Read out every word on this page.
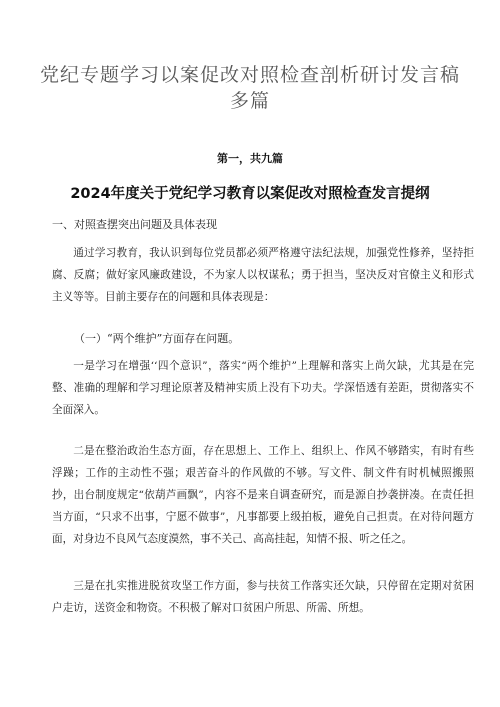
党纪专题学习以案促改对照检查剖析研讨发言稿多篇
第一，共九篇
2024年度关于党纪学习教育以案促改对照检查发言提纲
一、对照查摆突出问题及具体表现

通过学习教育，我认识到每位党员都必须严格遵守法纪法规，加强党性修养，坚持拒腐、反腐；做好家风廉政建设，不为家人以权谋私；勇于担当，坚决反对官僚主义和形式主义等等。目前主要存在的问题和具体表现是：

（一）“两个维护”方面存在问题。

一是学习在增强‘‘四个意识”，落实“两个维护”上理解和落实上尚欠缺，尤其是在完整、准确的理解和学习理论原著及精神实质上没有下功夫。学深悟透有差距，贯彻落实不全面深入。

二是在整治政治生态方面，存在思想上、工作上、组织上、作风不够踏实，有时有些浮躁；工作的主动性不强；艰苦奋斗的作风做的不够。写文件、制文件有时机械照搬照抄，出台制度规定“依葫芦画飘”，内容不是来自调查研究，而是源自抄袭拼凑。在责任担当方面，“只求不出事，宁愿不做事”，凡事都要上级拍板，避免自己担责。在对待问题方面，对身边不良风气态度漠然，事不关己、高高挂起，知情不报、听之任之。

三是在扎实推进脱贫攻坚工作方面，参与扶贫工作落实还欠缺，只停留在定期对贫困户走访，送资金和物资。不积极了解对口贫困户所思、所需、所想。
